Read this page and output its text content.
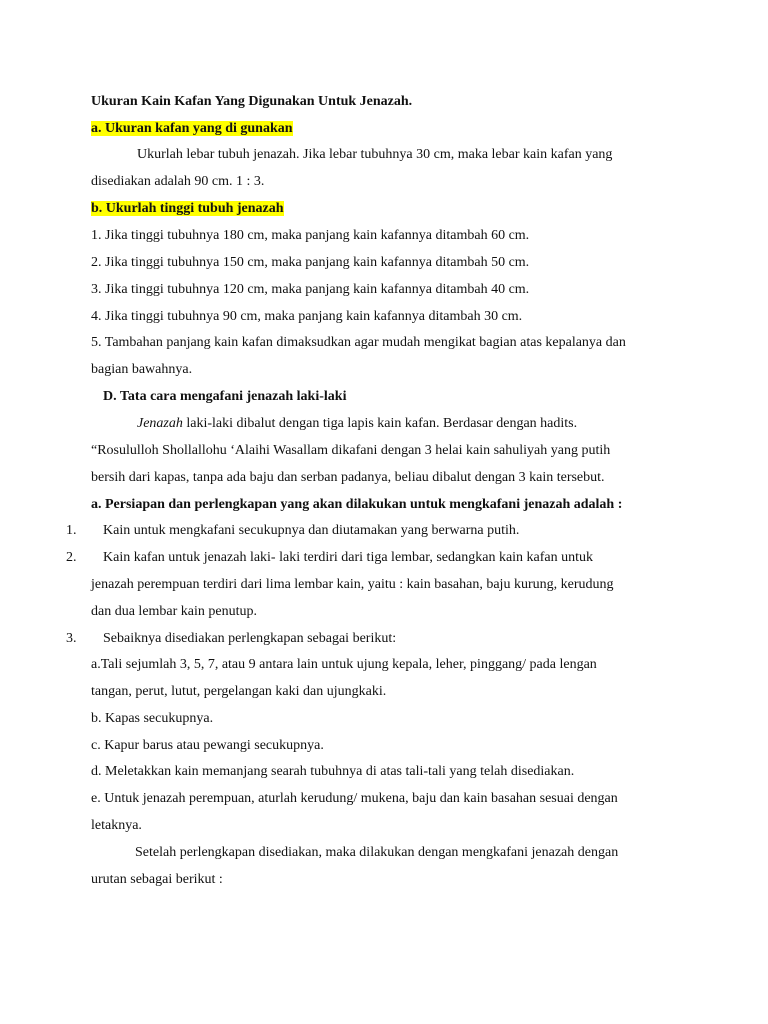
Ukuran Kain Kafan Yang Digunakan Untuk Jenazah.
a. Ukuran kafan yang di gunakan
Ukurlah lebar tubuh jenazah. Jika lebar tubuhnya 30 cm, maka lebar kain kafan yang
disediakan adalah 90 cm. 1 : 3.
b. Ukurlah tinggi tubuh jenazah
1. Jika tinggi tubuhnya 180 cm, maka panjang kain kafannya ditambah 60 cm.
2. Jika tinggi tubuhnya 150 cm, maka panjang kain kafannya ditambah 50 cm.
3. Jika tinggi tubuhnya 120 cm, maka panjang kain kafannya ditambah 40 cm.
4. Jika tinggi tubuhnya 90 cm, maka panjang kain kafannya ditambah 30 cm.
5. Tambahan panjang kain kafan dimaksudkan agar mudah mengikat bagian atas kepalanya dan
bagian bawahnya.
D. Tata cara mengafani jenazah laki-laki
Jenazah laki-laki dibalut dengan tiga lapis kain kafan. Berdasar dengan hadits.
“Rosululloh Shollallohu ‘Alaihi Wasallam dikafani dengan 3 helai kain sahuliyah yang putih
bersih dari kapas, tanpa ada baju dan serban padanya, beliau dibalut dengan 3 kain tersebut.
a. Persiapan dan perlengkapan yang akan dilakukan untuk mengkafani jenazah adalah :
1. Kain untuk mengkafani secukupnya dan diutamakan yang berwarna putih.
2. Kain kafan untuk jenazah laki- laki terdiri dari tiga lembar, sedangkan kain kafan untuk
jenazah perempuan terdiri dari lima lembar kain, yaitu : kain basahan, baju kurung, kerudung
dan dua lembar kain penutup.
3. Sebaiknya disediakan perlengkapan sebagai berikut:
a.Tali sejumlah 3, 5, 7, atau 9 antara lain untuk ujung kepala, leher, pinggang/ pada lengan
tangan, perut, lutut, pergelangan kaki dan ujungkaki.
b. Kapas secukupnya.
c. Kapur barus atau pewangi secukupnya.
d. Meletakkan kain memanjang searah tubuhnya di atas tali-tali yang telah disediakan.
e. Untuk jenazah perempuan, aturlah kerudung/ mukena, baju dan kain basahan sesuai dengan
letaknya.
Setelah perlengkapan disediakan, maka dilakukan dengan mengkafani jenazah dengan
urutan sebagai berikut :
